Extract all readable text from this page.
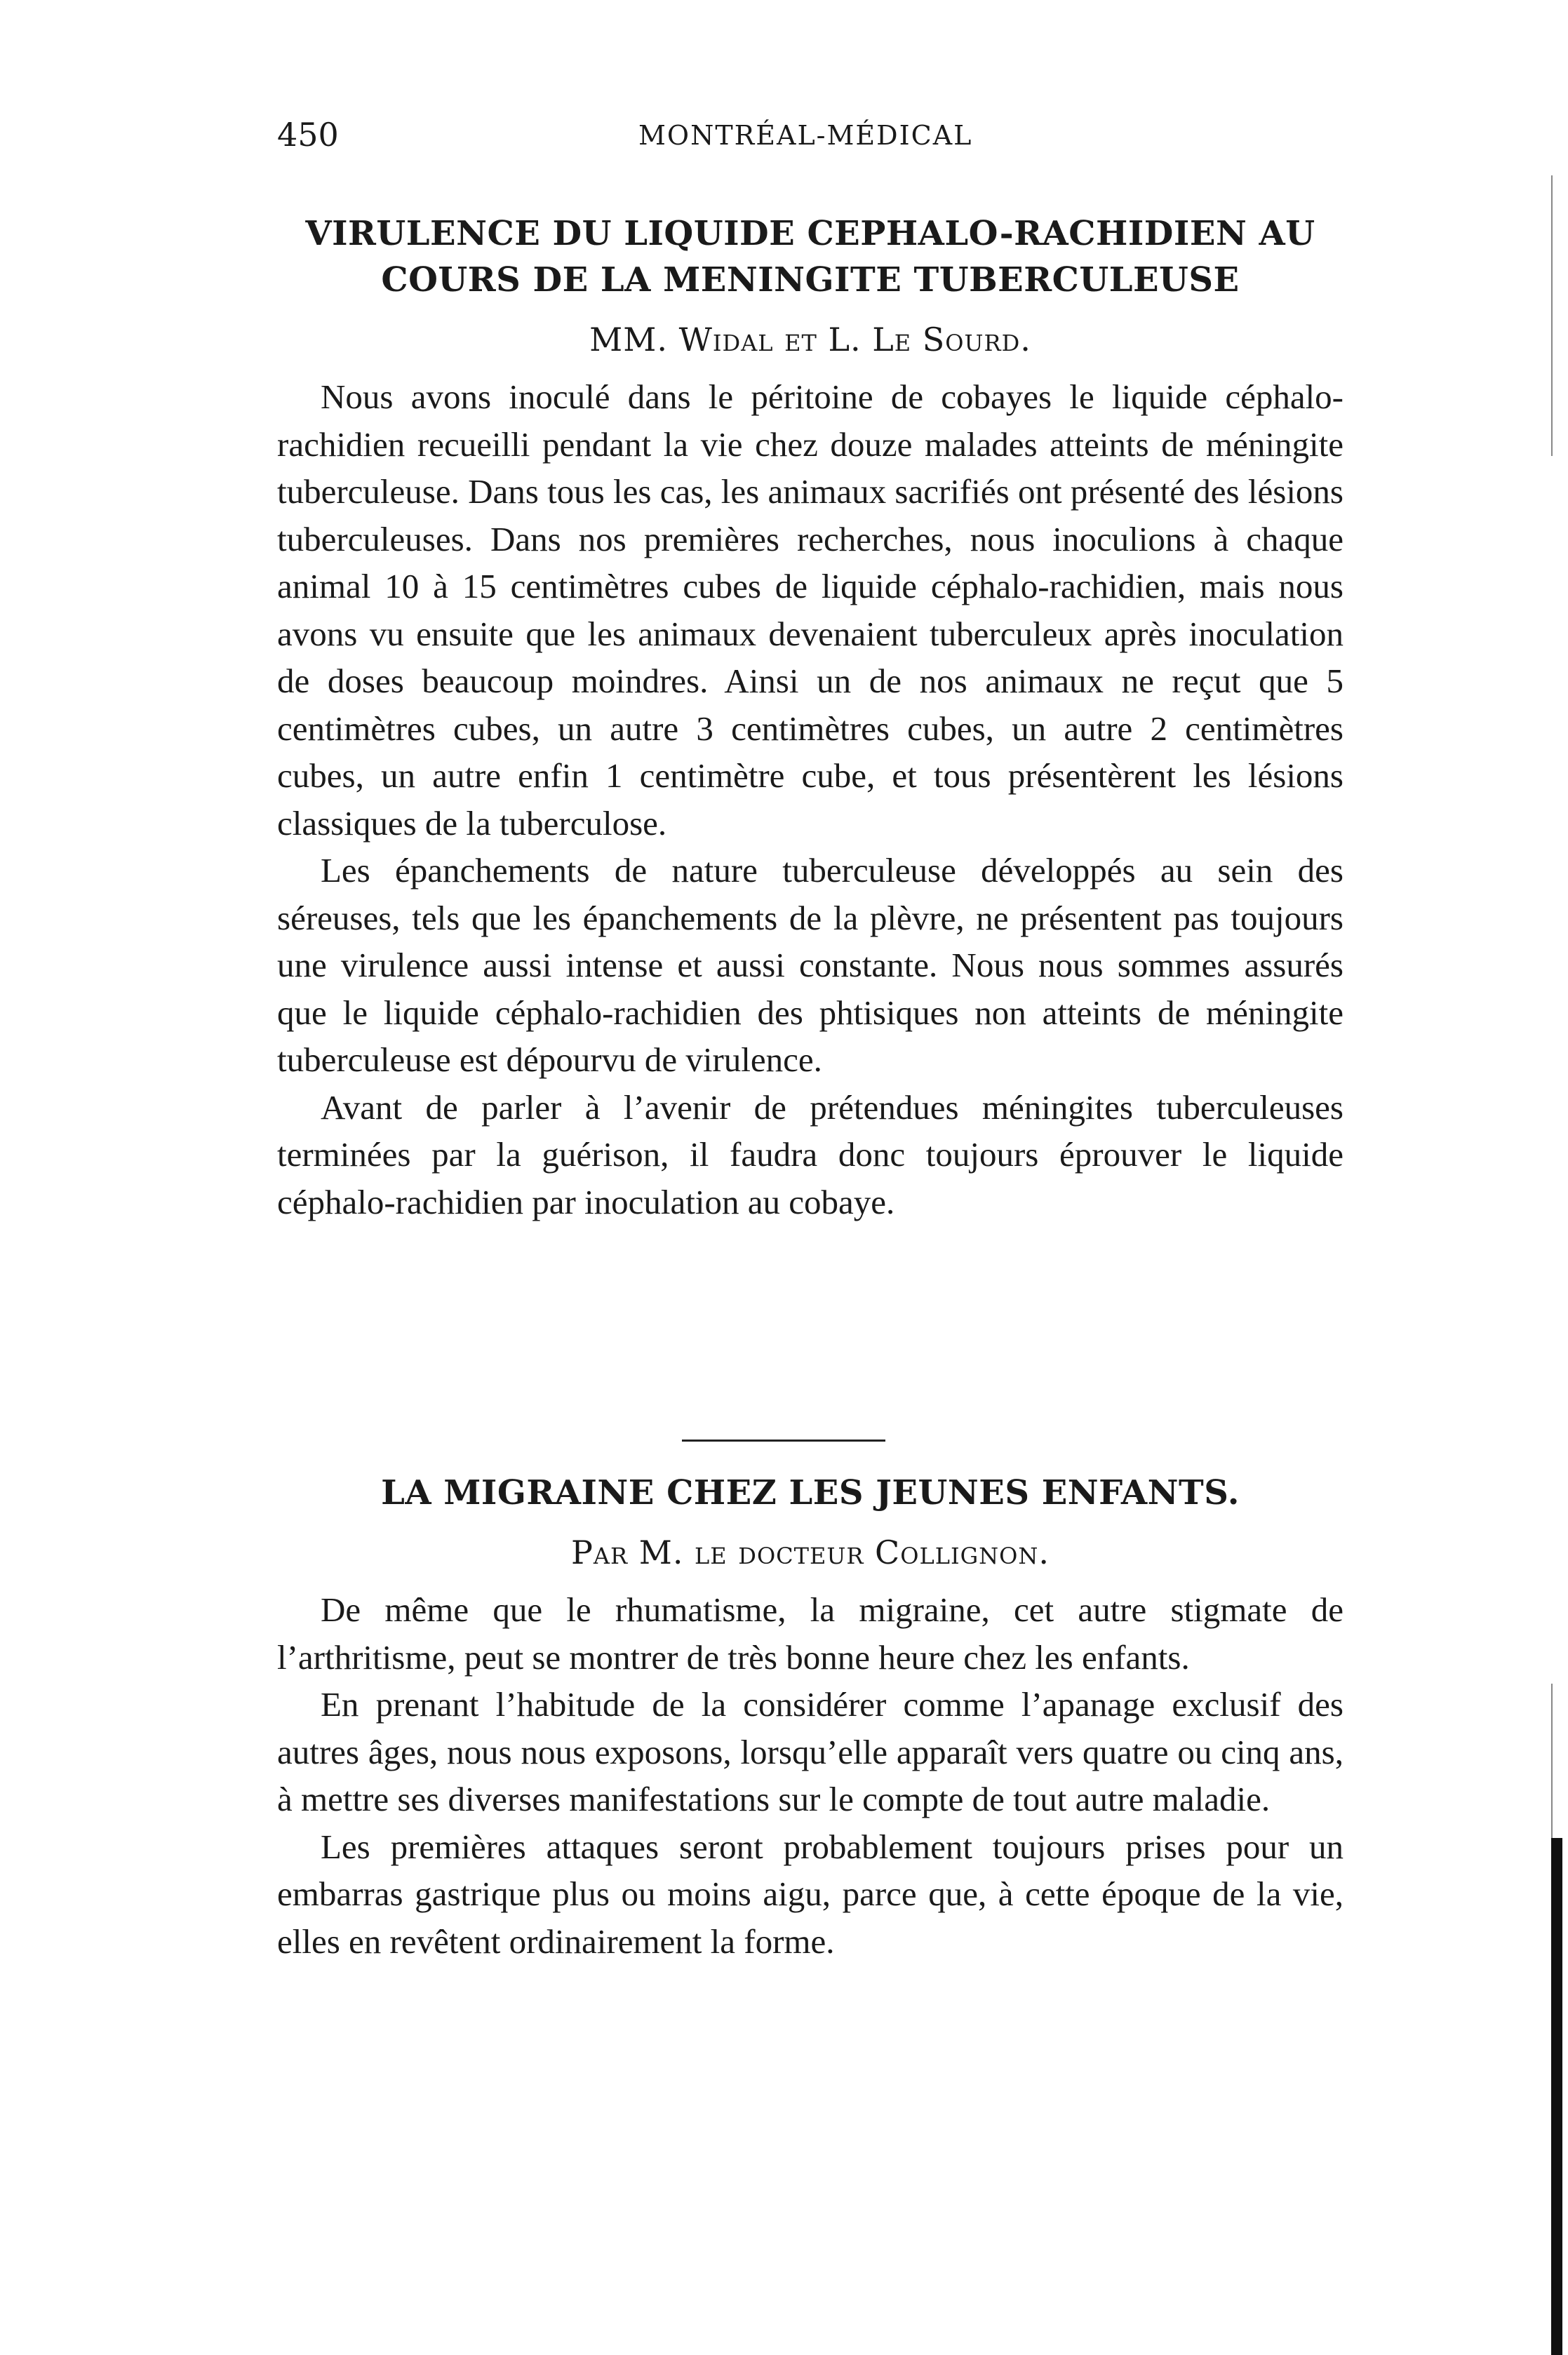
450	MONTRÉAL-MÉDICAL
VIRULENCE DU LIQUIDE CEPHALO-RACHIDIEN AU
COURS DE LA MENINGITE TUBERCULEUSE
MM. Widal et L. Le Sourd.

Nous avons inoculé dans le péritoine de cobayes le liquide céphalo-rachidien recueilli pendant la vie chez douze malades atteints de méningite tuberculeuse. Dans tous les cas, les animaux sacrifiés ont présenté des lésions tuberculeuses. Dans nos premières recherches, nous inoculions à chaque animal 10 à 15 centimètres cubes de liquide céphalo-rachidien, mais nous avons vu ensuite que les animaux devenaient tuberculeux après inoculation de doses beaucoup moindres. Ainsi un de nos animaux ne reçut que 5 centimètres cubes, un autre 3 centimètres cubes, un autre 2 centimètres cubes, un autre enfin 1 centimètre cube, et tous présentèrent les lésions classiques de la tuberculose.

Les épanchements de nature tuberculeuse développés au sein des séreuses, tels que les épanchements de la plèvre, ne présentent pas toujours une virulence aussi intense et aussi constante. Nous nous sommes assurés que le liquide céphalo-rachidien des phtisiques non atteints de méningite tuberculeuse est dépourvu de virulence.

Avant de parler à l’avenir de prétendues méningites tuberculeuses terminées par la guérison, il faudra donc toujours éprouver le liquide céphalo-rachidien par inoculation au cobaye.

LA MIGRAINE CHEZ LES JEUNES ENFANTS.
Par M. le docteur Collignon.

De même que le rhumatisme, la migraine, cet autre stigmate de l’arthritisme, peut se montrer de très bonne heure chez les enfants.

En prenant l’habitude de la considérer comme l’apanage exclusif des autres âges, nous nous exposons, lorsqu’elle apparaît vers quatre ou cinq ans, à mettre ses diverses manifestations sur le compte de tout autre maladie.

Les premières attaques seront probablement toujours prises pour un embarras gastrique plus ou moins aigu, parce que, à cette époque de la vie, elles en revêtent ordinairement la forme.
